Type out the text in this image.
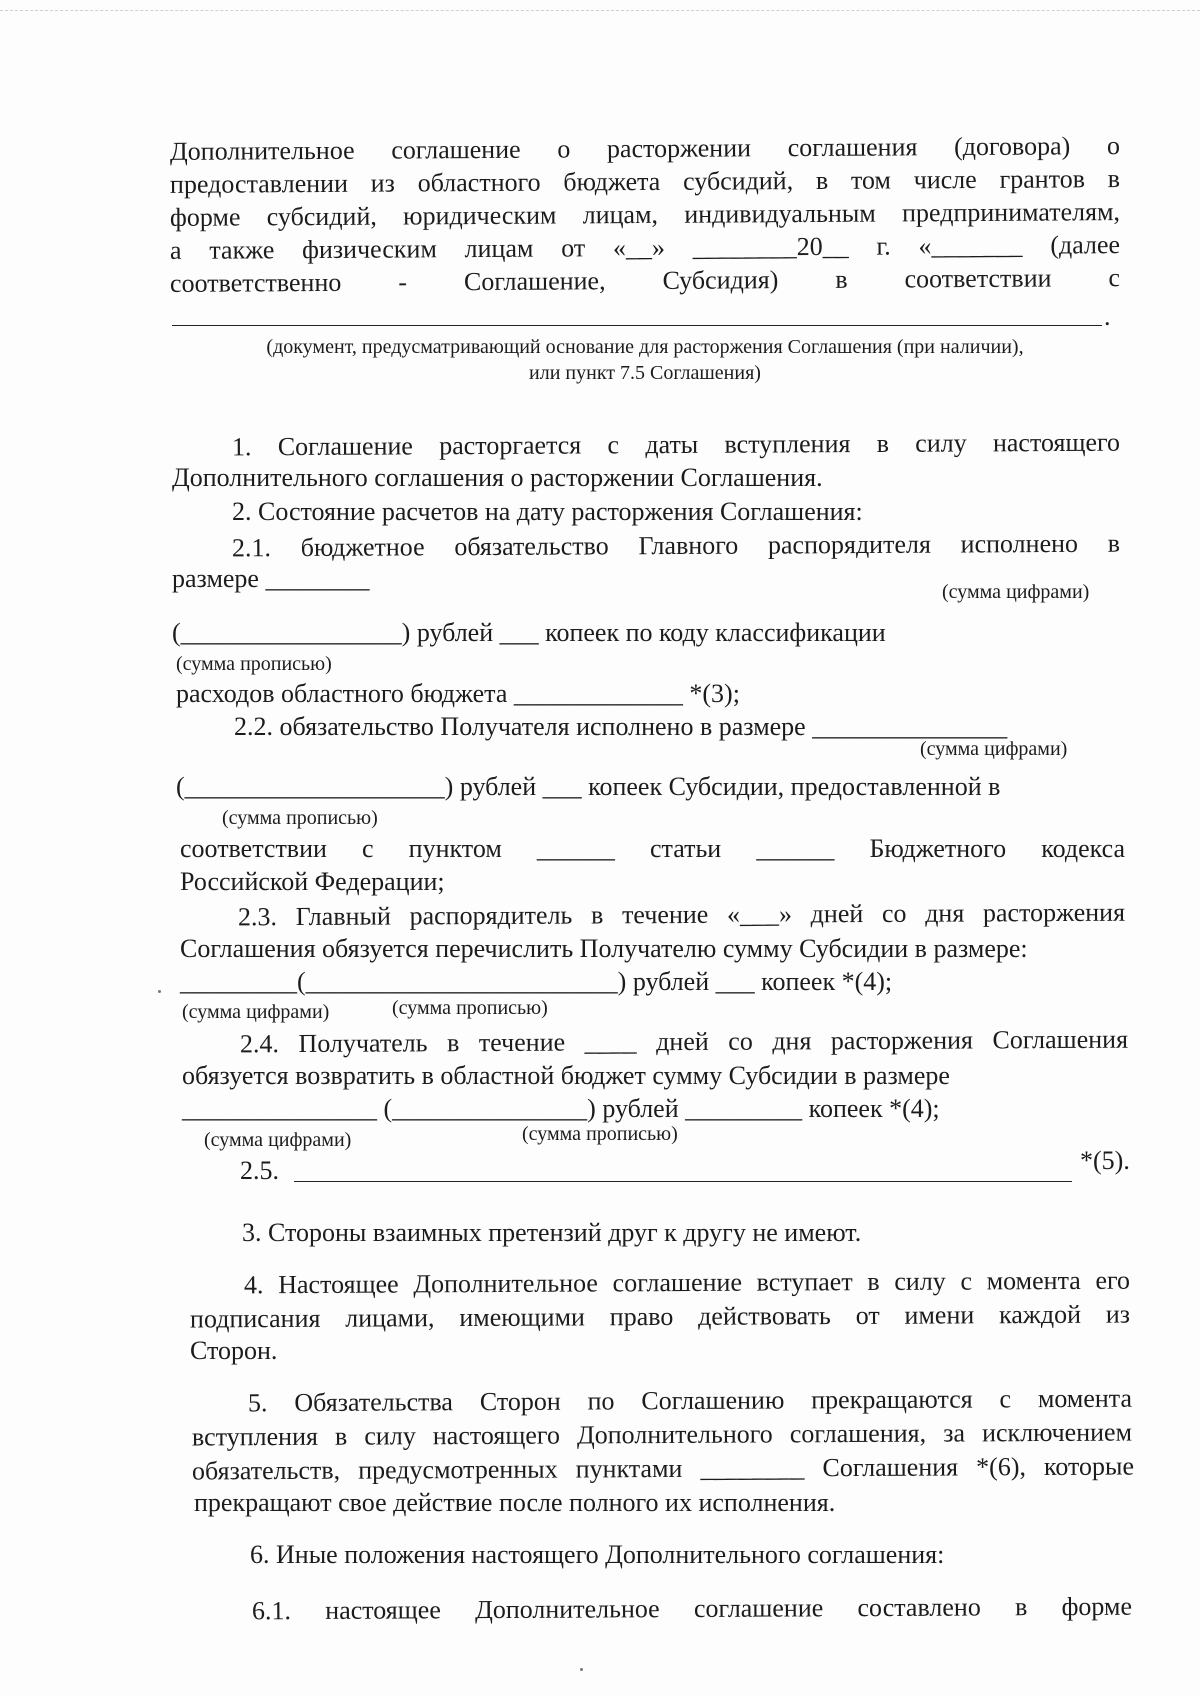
Дополнительное соглашение о расторжении соглашения (договора) о
предоставлении из областного бюджета субсидий, в том числе грантов в
форме субсидий, юридическим лицам, индивидуальным предпринимателям,
а также физическим лицам от «__» ________20__ г. «_______ (далее
соответственно - Соглашение, Субсидия) в соответствии с
.
(документ, предусматривающий основание для расторжения Соглашения (при наличии),
или пункт 7.5 Соглашения)
1. Соглашение расторгается с даты вступления в силу настоящего
Дополнительного соглашения о расторжении Соглашения.
2. Состояние расчетов на дату расторжения Соглашения:
2.1. бюджетное обязательство Главного распорядителя исполнено в
размере ________	(сумма цифрами)
(_________________) рублей ___ копеек по коду классификации
(сумма прописью)
расходов областного бюджета _____________ *(3);
2.2. обязательство Получателя исполнено в размере _______________
(сумма цифрами)
(____________________) рублей ___ копеек Субсидии, предоставленной в
(сумма прописью)
соответствии с пунктом ______ статьи ______ Бюджетного кодекса
Российской Федерации;
2.3. Главный распорядитель в течение «___» дней со дня расторжения
Соглашения обязуется перечислить Получателю сумму Субсидии в размере:
_________(________________________) рублей ___ копеек *(4);
(сумма цифрами)	(сумма прописью)
2.4. Получатель в течение ____ дней со дня расторжения Соглашения
обязуется возвратить в областной бюджет сумму Субсидии в размере
_______________ (_______________) рублей _________ копеек *(4);
(сумма цифрами)	(сумма прописью)
2.5.	*(5).
3. Стороны взаимных претензий друг к другу не имеют.
4. Настоящее Дополнительное соглашение вступает в силу с момента его
подписания лицами, имеющими право действовать от имени каждой из
Сторон.
5. Обязательства Сторон по Соглашению прекращаются с момента
вступления в силу настоящего Дополнительного соглашения, за исключением
обязательств, предусмотренных пунктами ________ Соглашения *(6), которые
прекращают свое действие после полного их исполнения.
6. Иные положения настоящего Дополнительного соглашения:
6.1. настоящее Дополнительное соглашение составлено в форме
